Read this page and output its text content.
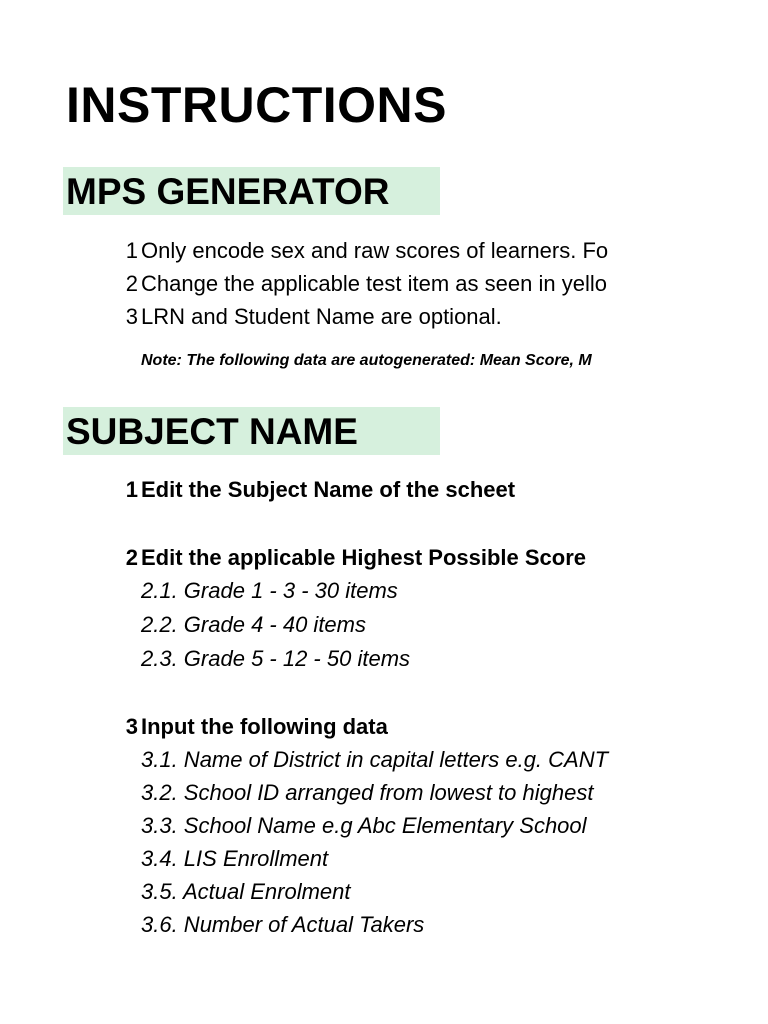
INSTRUCTIONS
MPS GENERATOR
1 Only encode sex and raw scores of learners. Fo
2 Change the applicable test item as seen in yello
3 LRN and Student Name are optional.
Note: The following data are autogenerated: Mean Score, M
SUBJECT NAME
1 Edit the Subject Name of the scheet
2 Edit the applicable Highest Possible Score
2.1. Grade 1 - 3 - 30 items
2.2. Grade 4 - 40 items
2.3. Grade 5 - 12 - 50 items
3 Input the following data
3.1. Name of District in capital letters e.g. CANT
3.2. School ID arranged from lowest to highest
3.3. School Name e.g Abc Elementary School
3.4. LIS Enrollment
3.5. Actual Enrolment
3.6. Number of Actual Takers
